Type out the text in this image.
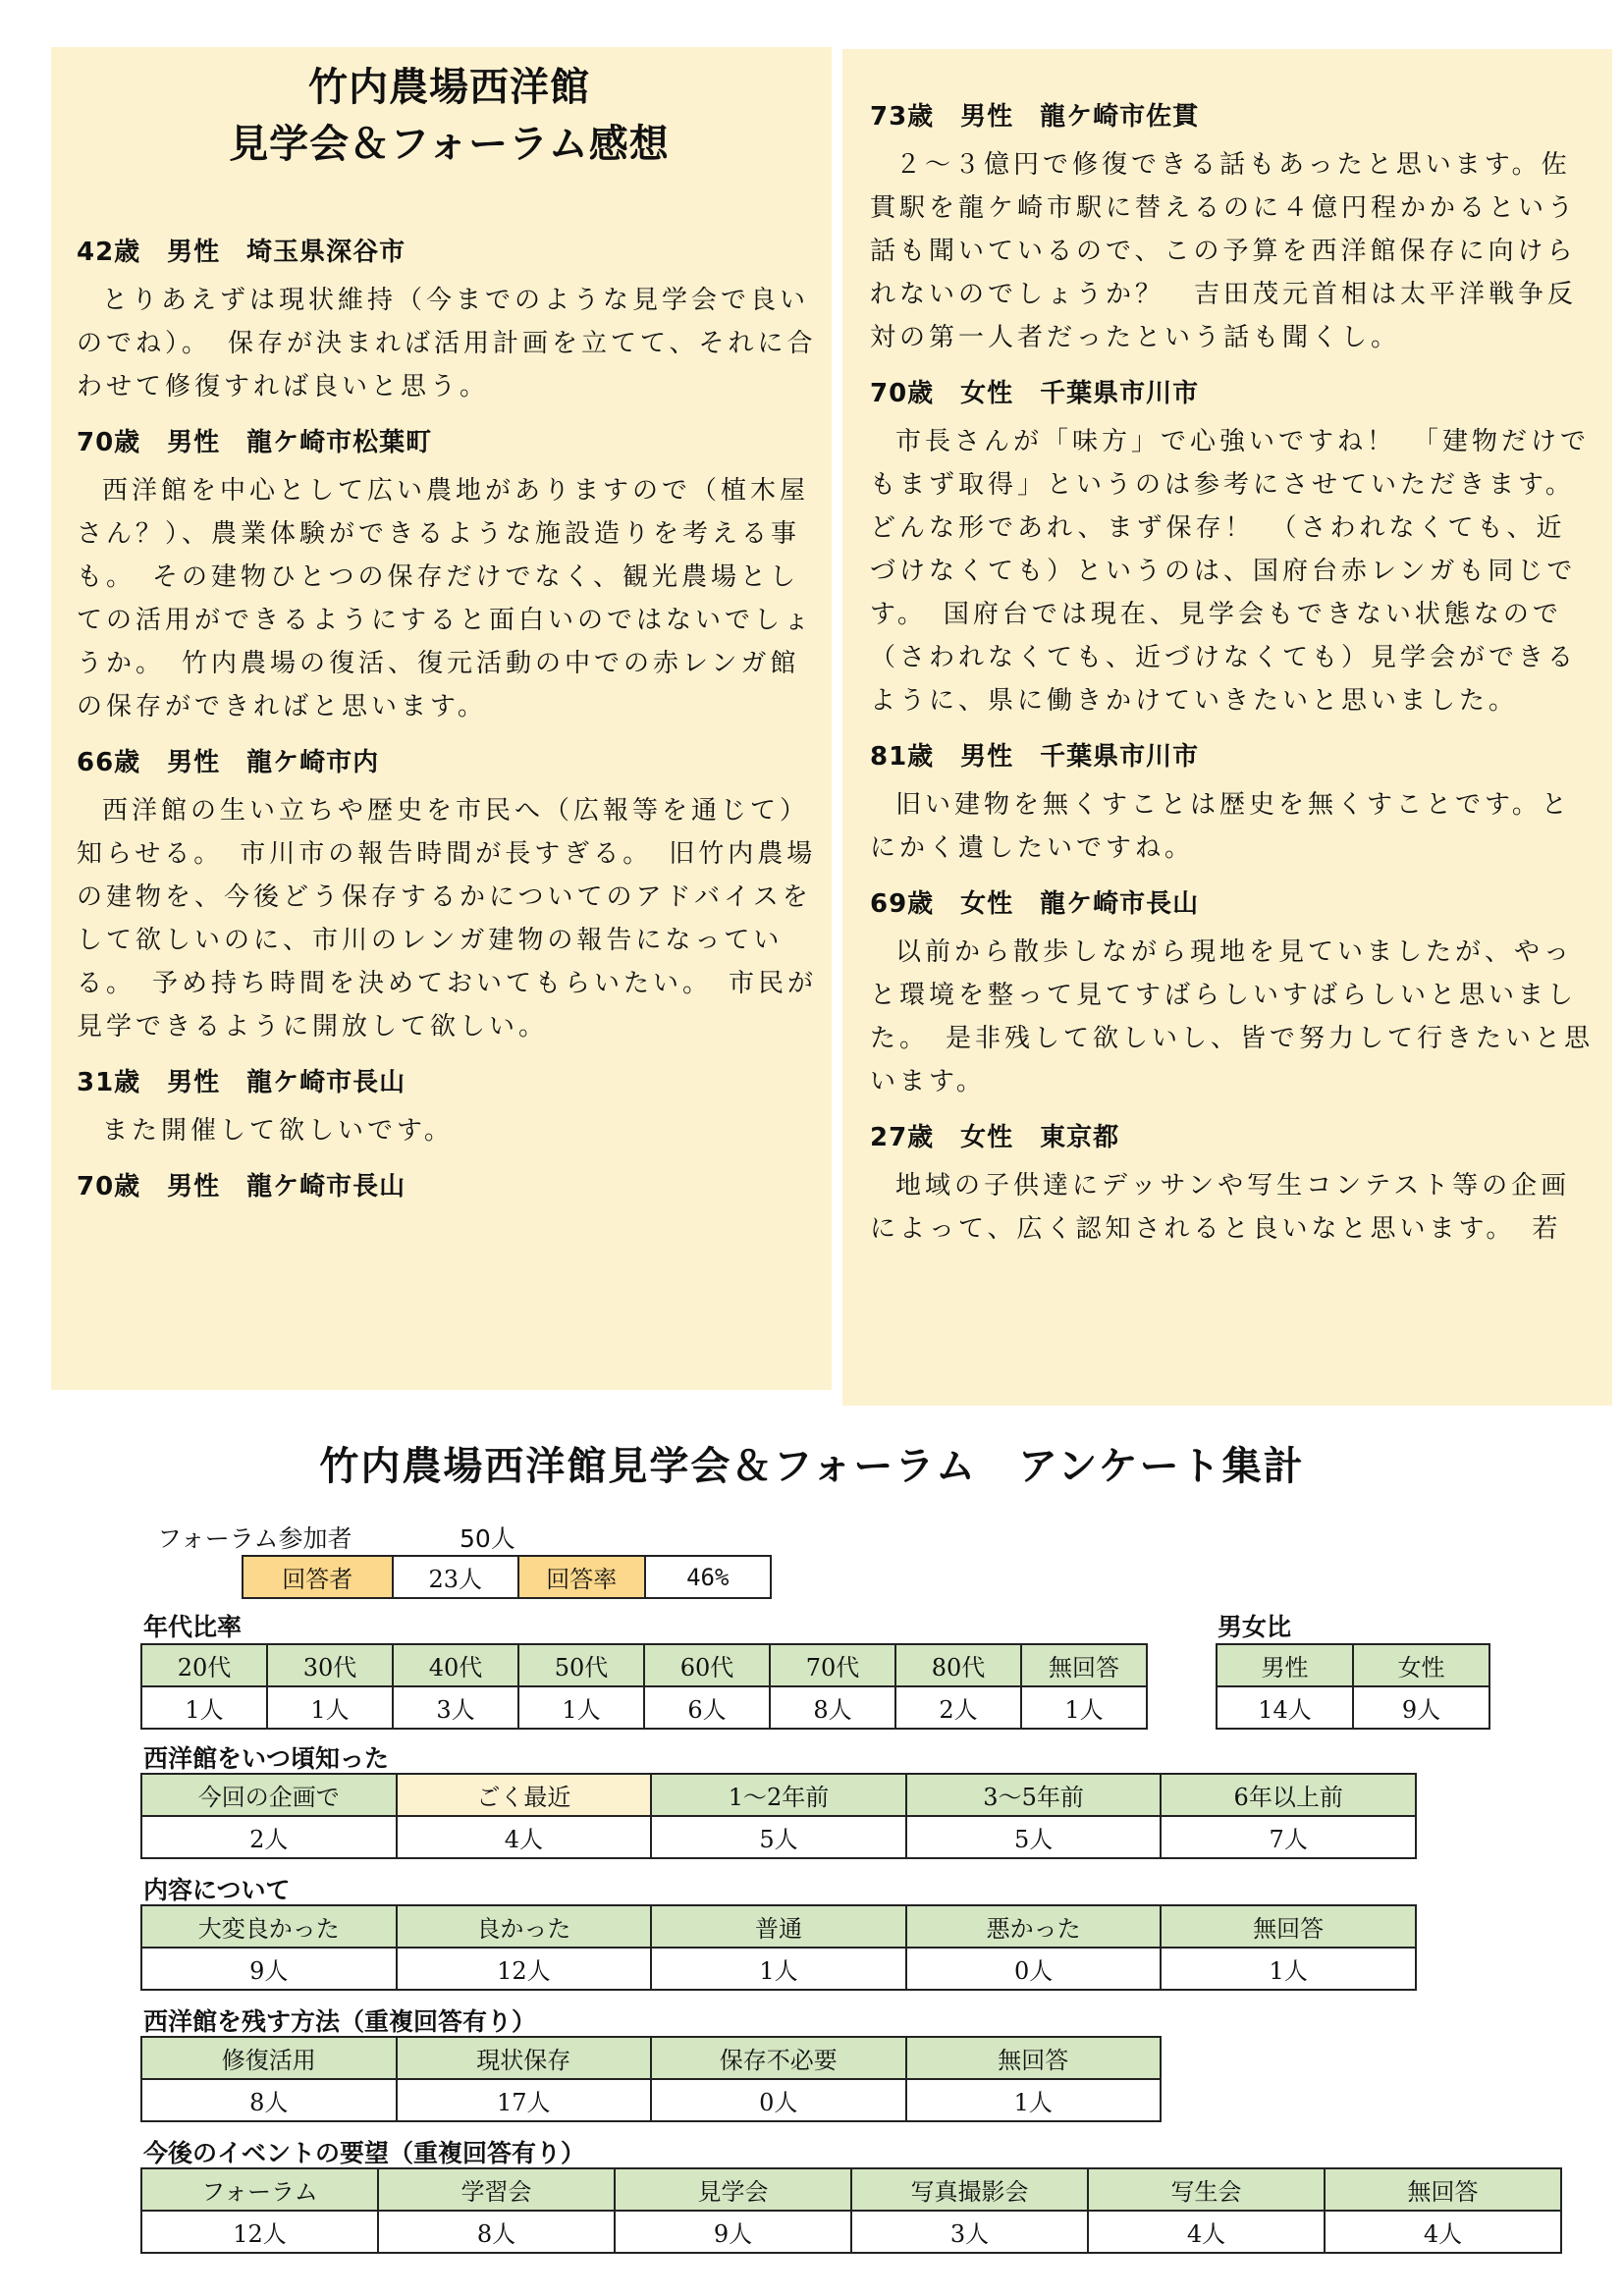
竹内農場西洋館
見学会＆フォーラム感想
42歳　男性　埼玉県深谷市

とりあえずは現状維持（今までのような見学会で良いのでね）。　保存が決まれば活用計画を立てて、それに合わせて修復すれば良いと思う。

70歳　男性　龍ケ崎市松葉町

西洋館を中心として広い農地がありますので（植木屋さん？）、農業体験ができるような施設造りを考える事も。　その建物ひとつの保存だけでなく、観光農場としての活用ができるようにすると面白いのではないでしょうか。　竹内農場の復活、復元活動の中での赤レンガ館の保存ができればと思います。

66歳　男性　龍ケ崎市内

西洋館の生い立ちや歴史を市民へ（広報等を通じて）知らせる。　市川市の報告時間が長すぎる。　旧竹内農場の建物を、今後どう保存するかについてのアドバイスをして欲しいのに、市川のレンガ建物の報告になっている。　予め持ち時間を決めておいてもらいたい。　市民が見学できるように開放して欲しい。

31歳　男性　龍ケ崎市長山

また開催して欲しいです。

70歳　男性　龍ケ崎市長山
73歳　男性　龍ケ崎市佐貫

２～３億円で修復できる話もあったと思います。佐貫駅を龍ケ崎市駅に替えるのに４億円程かかるという話も聞いているので、この予算を西洋館保存に向けられないのでしょうか？　吉田茂元首相は太平洋戦争反対の第一人者だったという話も聞くし。

70歳　女性　千葉県市川市

市長さんが「味方」で心強いですね！　「建物だけでもまず取得」というのは参考にさせていただきます。　どんな形であれ、まず保存！　（さわれなくても、近づけなくても）というのは、国府台赤レンガも同じです。　国府台では現在、見学会もできない状態なので（さわれなくても、近づけなくても）見学会ができるように、県に働きかけていきたいと思いました。

81歳　男性　千葉県市川市

旧い建物を無くすことは歴史を無くすことです。とにかく遺したいですね。

69歳　女性　龍ケ崎市長山

以前から散歩しながら現地を見ていましたが、やっと環境を整って見てすばらしいすばらしいと思いました。　是非残して欲しいし、皆で努力して行きたいと思います。

27歳　女性　東京都

地域の子供達にデッサンや写生コンテスト等の企画によって、広く認知されると良いなと思います。　若

竹内農場西洋館見学会＆フォーラム　アンケート集計
フォーラム参加者	50人
回答者	23人	回答率	46%
年代比率
20代	30代	40代	50代	60代	70代	80代	無回答
1人	1人	3人	1人	6人	8人	2人	1人
男女比
男性	女性
14人	9人
西洋館をいつ頃知った
今回の企画で	ごく最近	1～2年前	3～5年前	6年以上前
2人	4人	5人	5人	7人
内容について
大変良かった	良かった	普通	悪かった	無回答
9人	12人	1人	0人	1人
西洋館を残す方法（重複回答有り）
修復活用	現状保存	保存不必要	無回答
8人	17人	0人	1人
今後のイベントの要望（重複回答有り）
フォーラム	学習会	見学会	写真撮影会	写生会	無回答
12人	8人	9人	3人	4人	4人
